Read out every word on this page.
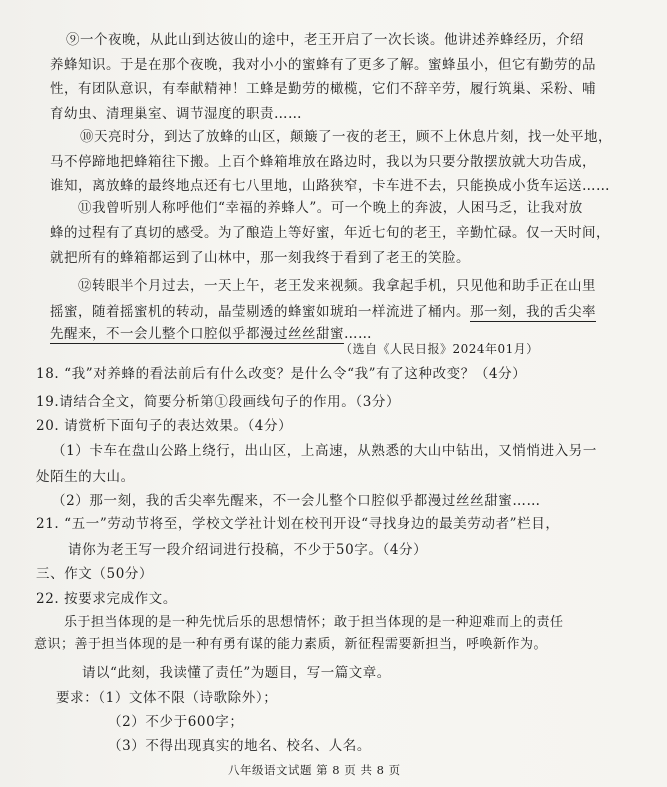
⑨一个夜晚，从此山到达彼山的途中，老王开启了一次长谈。他讲述养蜂经历，介绍
养蜂知识。于是在那个夜晚，我对小小的蜜蜂有了更多了解。蜜蜂虽小，但它有勤劳的品
性，有团队意识，有奉献精神！工蜂是勤劳的橄榄，它们不辞辛劳，履行筑巢、采粉、哺
育幼虫、清理巢室、调节湿度的职责……
⑩天亮时分，到达了放蜂的山区，颠簸了一夜的老王，顾不上休息片刻，找一处平地，
马不停蹄地把蜂箱往下搬。上百个蜂箱堆放在路边时，我以为只要分散摆放就大功告成，
谁知，离放蜂的最终地点还有七八里地，山路狭窄，卡车进不去，只能换成小货车运送……
⑪我曾听别人称呼他们“幸福的养蜂人”。可一个晚上的奔波，人困马乏，让我对放
蜂的过程有了真切的感受。为了酿造上等好蜜，年近七旬的老王，辛勤忙碌。仅一天时间，
就把所有的蜂箱都运到了山林中，那一刻我终于看到了老王的笑脸。
⑫转眼半个月过去，一天上午，老王发来视频。我拿起手机，只见他和助手正在山里
摇蜜，随着摇蜜机的转动，晶莹剔透的蜂蜜如琥珀一样流进了桶内。那一刻，我的舌尖率
先醒来，不一会儿整个口腔似乎都漫过丝丝甜蜜……
（选自《人民日报》2024年01月）
18. “我”对养蜂的看法前后有什么改变？是什么令“我”有了这种改变？（4分）
19.请结合全文，简要分析第①段画线句子的作用。（3分）
20. 请赏析下面句子的表达效果。（4分）
（1）卡车在盘山公路上绕行，出山区，上高速，从熟悉的大山中钻出，又悄悄进入另一
处陌生的大山。
（2）那一刻，我的舌尖率先醒来，不一会儿整个口腔似乎都漫过丝丝甜蜜……
21. “五一”劳动节将至，学校文学社计划在校刊开设“寻找身边的最美劳动者”栏目，
请你为老王写一段介绍词进行投稿，不少于50字。（4分）
三、作文（50分）
22. 按要求完成作文。
乐于担当体现的是一种先忧后乐的思想情怀；敢于担当体现的是一种迎难而上的责任
意识；善于担当体现的是一种有勇有谋的能力素质，新征程需要新担当，呼唤新作为。
请以“此刻，我读懂了责任”为题目，写一篇文章。
要求：（1）文体不限（诗歌除外）；
（2）不少于600字；
（3）不得出现真实的地名、校名、人名。
八年级语文试题 第 8 页 共 8 页
